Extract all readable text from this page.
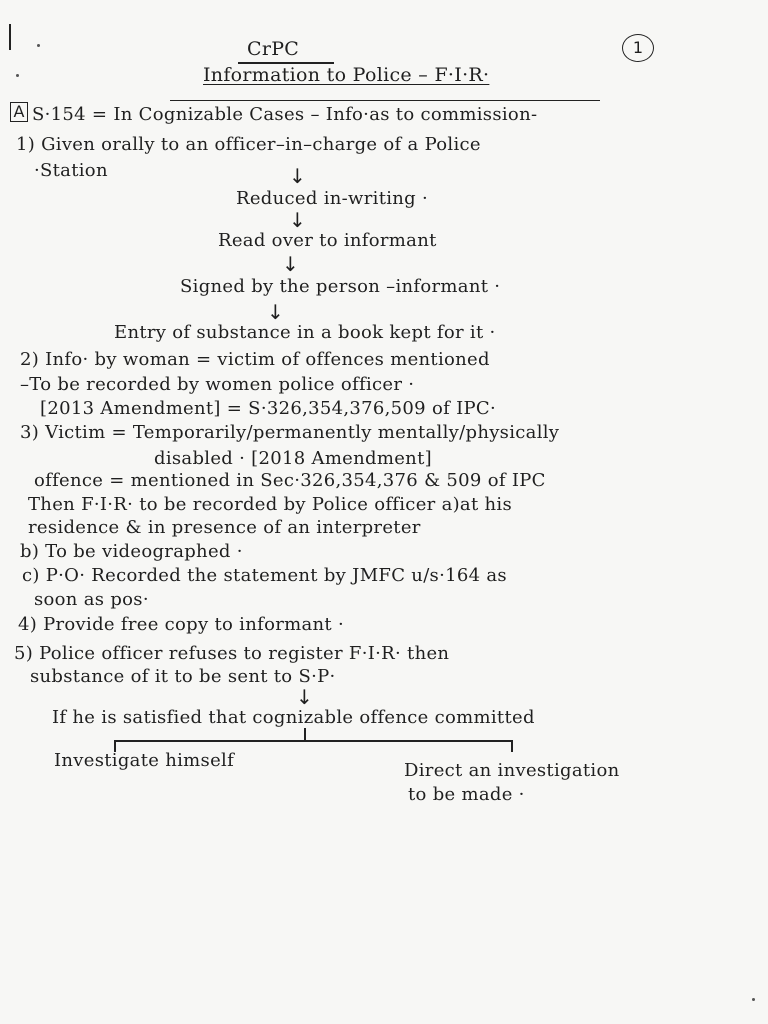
CrPC
Information to Police – F·I·R·
1
A S·154 = In Cognizable Cases – Info·as to commission-
1) Given orally to an officer–in–charge of a Police
·Station	↓
Reduced in-writing ·
↓
Read over to informant
↓
Signed by the person –informant ·
↓
Entry of substance in a book kept for it ·
2) Info· by woman = victim of offences mentioned
–To be recorded by women police officer ·
[2013 Amendment] = S·326,354,376,509 of IPC·
3) Victim = Temporarily/permanently mentally/physically
disabled · [2018 Amendment]
offence = mentioned in Sec·326,354,376 & 509 of IPC
Then F·I·R· to be recorded by Police officer a)at his
residence & in presence of an interpreter
b) To be videographed ·
c) P·O· Recorded the statement by JMFC u/s·164 as
soon as pos·
4) Provide free copy to informant ·
5) Police officer refuses to register F·I·R· then
substance of it to be sent to S·P·
↓
If he is satisfied that cognizable offence committed
Investigate himself	Direct an investigation
to be made ·
